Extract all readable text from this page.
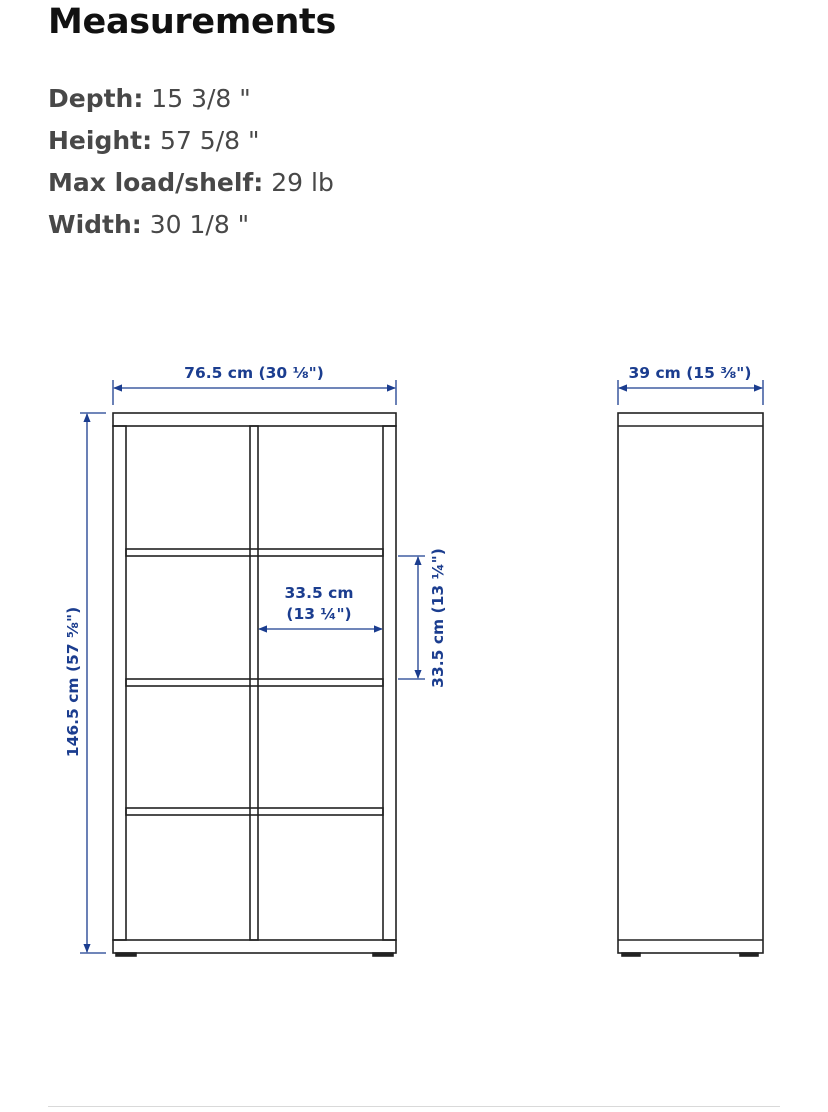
Measurements
Depth: 15 3/8 "
Height: 57 5/8 "
Max load/shelf: 29 lb
Width: 30 1/8 "
76.5 cm (30 ⅛")	39 cm (15 ⅜")
33.5 cm
(13 ¼")
146.5 cm (57 ⅝")	33.5 cm (13 ¼")
